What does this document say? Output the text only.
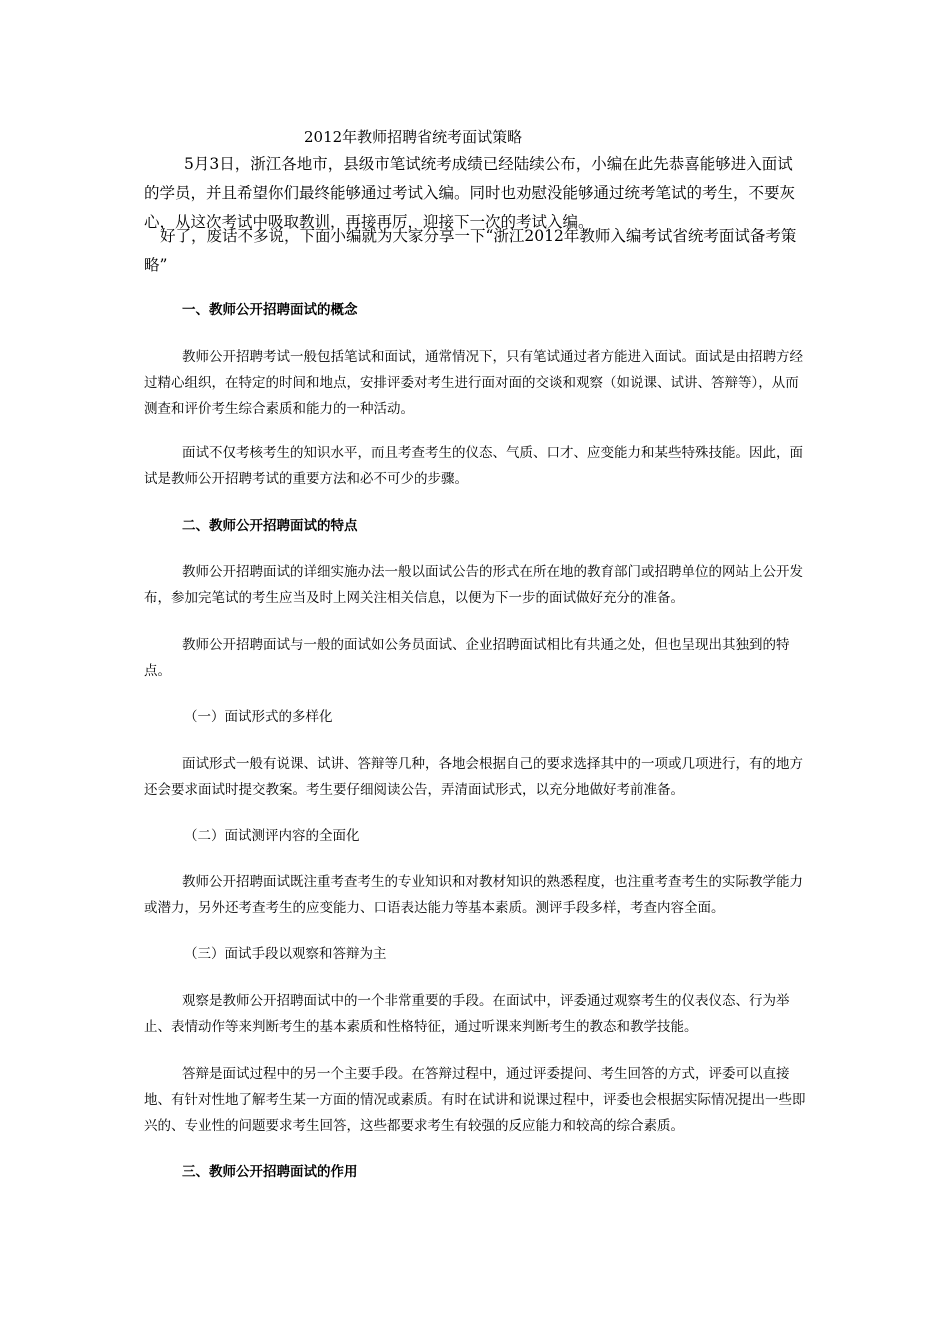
2012年教师招聘省统考面试策略

5月3日，浙江各地市，县级市笔试统考成绩已经陆续公布，小编在此先恭喜能够进入面试的学员，并且希望你们最终能够通过考试入编。同时也劝慰没能够通过统考笔试的考生，不要灰心，从这次考试中吸取教训，再接再厉，迎接下一次的考试入编。

好了，废话不多说，下面小编就为大家分享一下“浙江2012年教师入编考试省统考面试备考策略”

一、教师公开招聘面试的概念

教师公开招聘考试一般包括笔试和面试，通常情况下，只有笔试通过者方能进入面试。面试是由招聘方经过精心组织，在特定的时间和地点，安排评委对考生进行面对面的交谈和观察（如说课、试讲、答辩等），从而测查和评价考生综合素质和能力的一种活动。

面试不仅考核考生的知识水平，而且考查考生的仪态、气质、口才、应变能力和某些特殊技能。因此，面试是教师公开招聘考试的重要方法和必不可少的步骤。

二、教师公开招聘面试的特点

教师公开招聘面试的详细实施办法一般以面试公告的形式在所在地的教育部门或招聘单位的网站上公开发布，参加完笔试的考生应当及时上网关注相关信息，以便为下一步的面试做好充分的准备。

教师公开招聘面试与一般的面试如公务员面试、企业招聘面试相比有共通之处，但也呈现出其独到的特点。

（一）面试形式的多样化

面试形式一般有说课、试讲、答辩等几种，各地会根据自己的要求选择其中的一项或几项进行，有的地方还会要求面试时提交教案。考生要仔细阅读公告，弄清面试形式，以充分地做好考前准备。

（二）面试测评内容的全面化

教师公开招聘面试既注重考查考生的专业知识和对教材知识的熟悉程度，也注重考查考生的实际教学能力或潜力，另外还考查考生的应变能力、口语表达能力等基本素质。测评手段多样，考查内容全面。

（三）面试手段以观察和答辩为主

观察是教师公开招聘面试中的一个非常重要的手段。在面试中，评委通过观察考生的仪表仪态、行为举止、表情动作等来判断考生的基本素质和性格特征，通过听课来判断考生的教态和教学技能。

答辩是面试过程中的另一个主要手段。在答辩过程中，通过评委提问、考生回答的方式，评委可以直接地、有针对性地了解考生某一方面的情况或素质。有时在试讲和说课过程中，评委也会根据实际情况提出一些即兴的、专业性的问题要求考生回答，这些都要求考生有较强的反应能力和较高的综合素质。

三、教师公开招聘面试的作用
